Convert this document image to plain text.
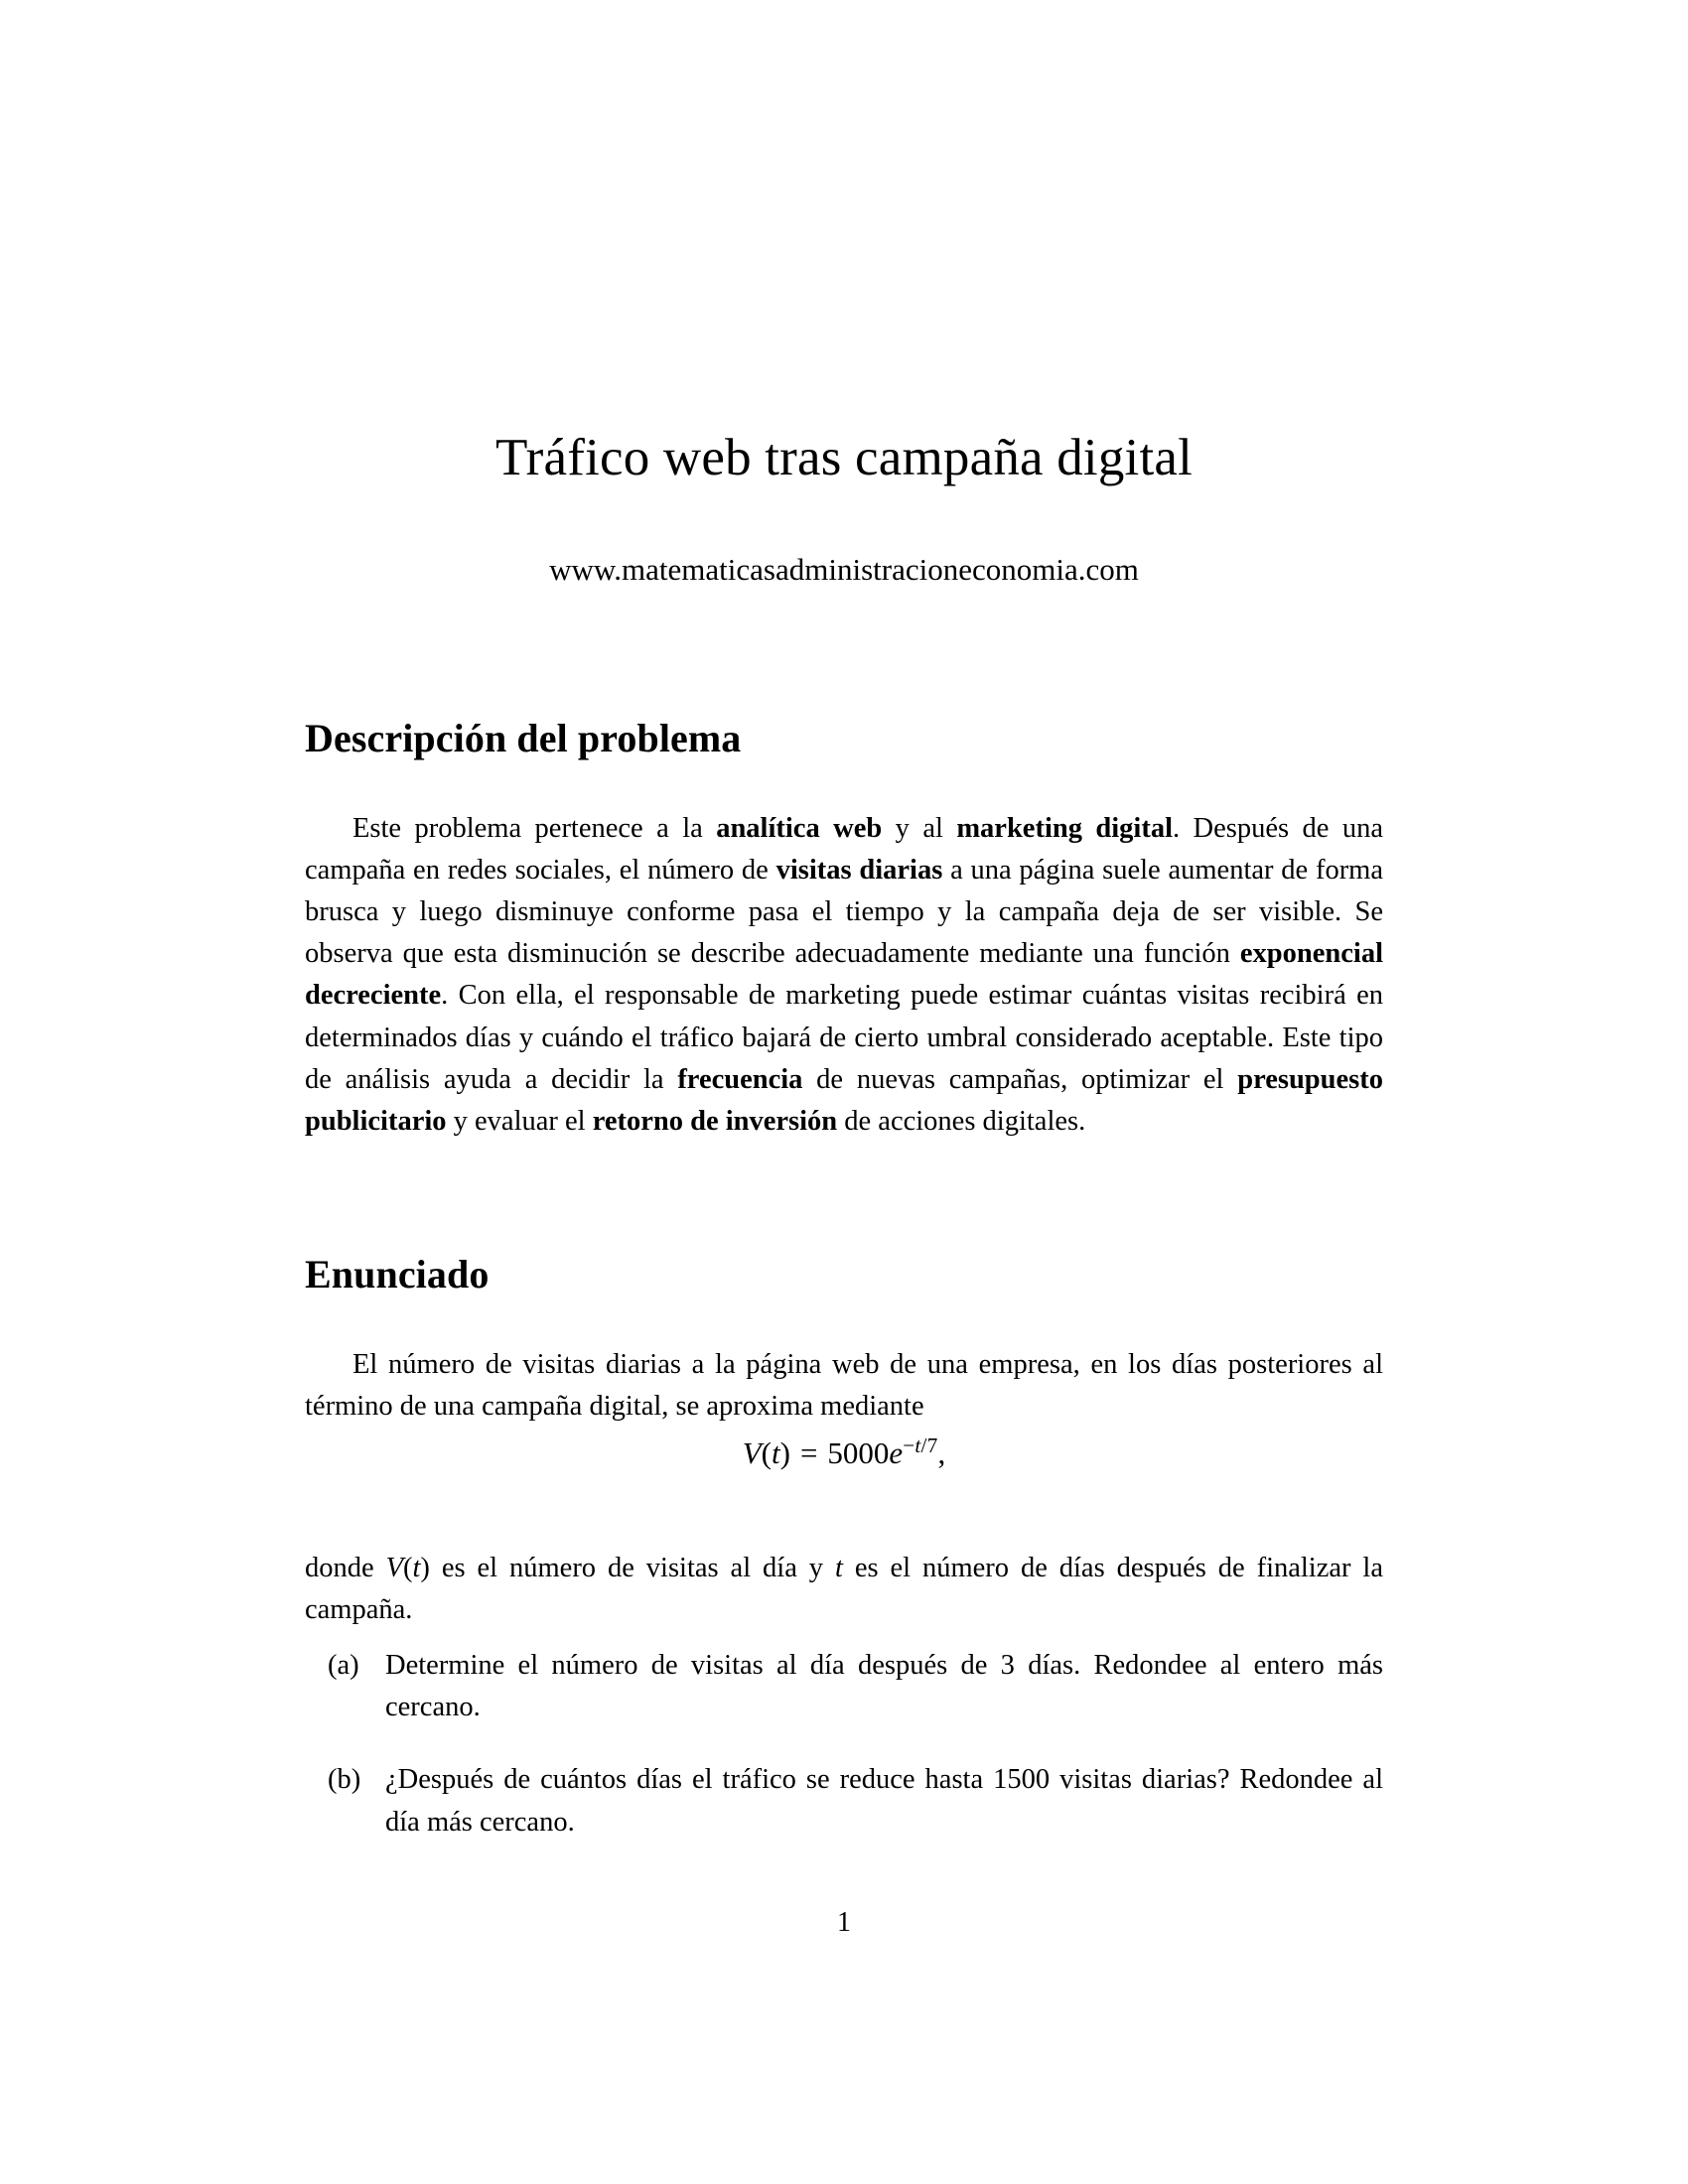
Tráfico web tras campaña digital
www.matematicasadministracioneconomia.com
Descripción del problema

Este problema pertenece a la analítica web y al marketing digital. Después de una campaña en redes sociales, el número de visitas diarias a una página suele aumentar de forma brusca y luego disminuye conforme pasa el tiempo y la campaña deja de ser visible. Se observa que esta disminución se describe adecuadamente mediante una función exponencial decreciente. Con ella, el responsable de marketing puede estimar cuántas visitas recibirá en determinados días y cuándo el tráfico bajará de cierto umbral considerado aceptable. Este tipo de análisis ayuda a decidir la frecuencia de nuevas campañas, optimizar el presupuesto publicitario y evaluar el retorno de inversión de acciones digitales.

Enunciado

El número de visitas diarias a la página web de una empresa, en los días posteriores al término de una campaña digital, se aproxima mediante

$V(t) = 5000e^{-t/7}$,

donde V(t) es el número de visitas al día y t es el número de días después de finalizar la campaña.

(a) Determine el número de visitas al día después de 3 días. Redondee al entero más cercano.
(b) ¿Después de cuántos días el tráfico se reduce hasta 1500 visitas diarias? Redondee al día más cercano.
1
